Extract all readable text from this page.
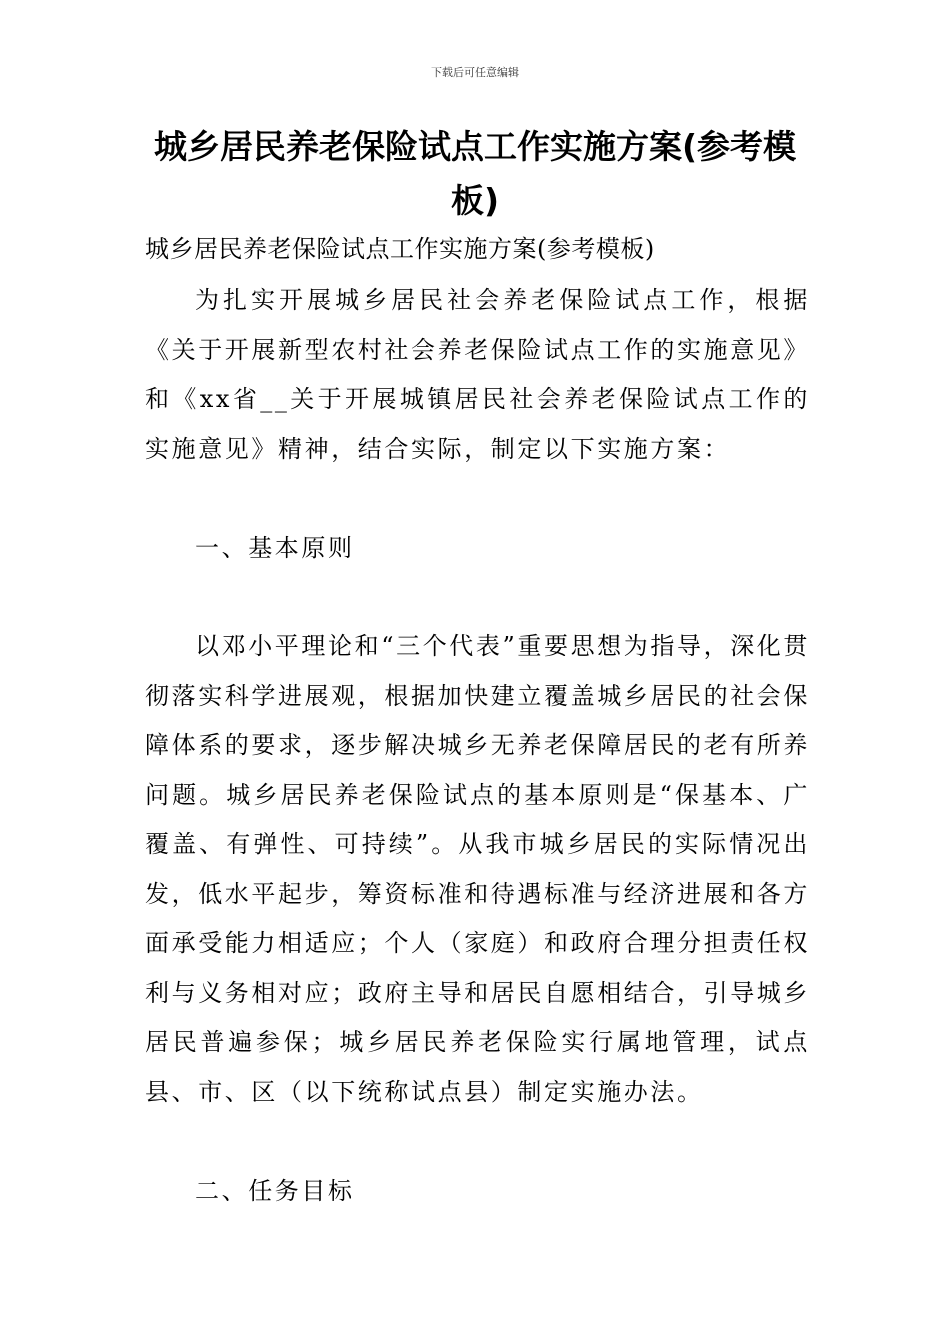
下载后可任意编辑
城乡居民养老保险试点工作实施方案(参考模板)

城乡居民养老保险试点工作实施方案(参考模板)

为扎实开展城乡居民社会养老保险试点工作，根据《关于开展新型农村社会养老保险试点工作的实施意见》和《xx省__关于开展城镇居民社会养老保险试点工作的实施意见》精神，结合实际，制定以下实施方案：

一、基本原则

以邓小平理论和“三个代表”重要思想为指导，深化贯彻落实科学进展观，根据加快建立覆盖城乡居民的社会保障体系的要求，逐步解决城乡无养老保障居民的老有所养问题。城乡居民养老保险试点的基本原则是“保基本、广覆盖、有弹性、可持续”。从我市城乡居民的实际情况出发，低水平起步，筹资标准和待遇标准与经济进展和各方面承受能力相适应；个人（家庭）和政府合理分担责任权利与义务相对应；政府主导和居民自愿相结合，引导城乡居民普遍参保；城乡居民养老保险实行属地管理，试点县、市、区（以下统称试点县）制定实施办法。

二、任务目标
